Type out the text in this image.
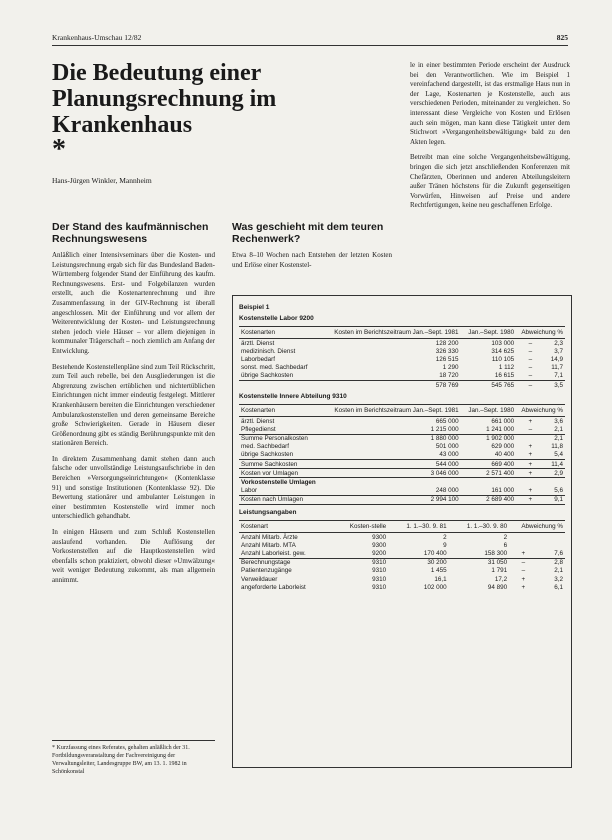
Krankenhaus-Umschau 12/82	825
Die Bedeutung einer Planungsrechnung im Krankenhaus
*
Hans-Jürgen Winkler, Mannheim
Der Stand des kaufmännischen Rechnungswesens

Anläßlich einer Intensivseminars über die Kosten- und Leistungsrechnung ergab sich für das Bundesland Baden-Württemberg folgender Stand der Einführung des kaufm. Rechnungswesens. Erst- und Folgebilanzen wurden erstellt, auch die Kostenartenrechnung und ihre Zusammenfassung in der GIV-Rechnung ist überall angeschlossen. Mit der Einführung und vor allem der Weiterentwicklung der Kosten- und Leistungsrechnung stehen jedoch viele Häuser – vor allem diejenigen in kommunaler Trägerschaft – noch ziemlich am Anfang der Entwicklung.

Bestehende Kostenstellenpläne sind zum Teil Rückschritt, zum Teil auch rebelle, bei den Ausgliederungen ist die Abgrenzung zwischen ertüblichen und nichtertüblichen Einrichtungen nicht immer eindeutig festgelegt. Mittlerer Krankenhäusern bereiten die Einrichtungen verschiedener Ambulanzkostenstellen und deren gemeinsame Bereiche große Schwierigkeiten. Gerade in Häusern dieser Größenordnung gibt es ständig Berührungspunkte mit den stationären Bereich.

In direktem Zusammenhang damit stehen dann auch falsche oder unvollständige Leistungsaufschriebe in den Bereichen »Versorgungseinrichtungen« (Kontenklasse 91) und sonstige Institutionen (Kontenklasse 92). Die Bewertung stationärer und ambulanter Leistungen in einer bestimmten Kostenstelle wird immer noch unterschiedlich gehandhabt.

In einigen Häusern und zum Schluß Kostenstellen auslaufend vorhanden. Die Auflösung der Vorkostenstellen auf die Hauptkostenstellen wird ebenfalls schon praktiziert, obwohl dieser »Umwälzung« weit weniger Bedeutung zukommt, als man allgemein annimmt.

* Kurzfassung eines Referates, gehalten anläßlich der 31. Fortbildungsveranstaltung der Fachvereinigung der Verwaltungsleiter, Landesgruppe BW, am 13. 1. 1982 in Schönkonstal
Was geschieht mit dem teuren Rechenwerk?

Etwa 8–10 Wochen nach Entstehen der letzten Kosten und Erlöse einer Kostenstel-

le in einer bestimmten Periode erscheint der Ausdruck bei den Verantwortlichen. Wie im Beispiel 1 vereinfachend dargestellt, ist das erstmalige Haus nun in der Lage, Kostenarten je Kostenstelle, auch aus verschiedenen Perioden, miteinander zu vergleichen. So interessant diese Vergleiche von Kosten und Erlösen auch sein mögen, man kann diese Tätigkeit unter dem Stichwort »Vergangenheitsbewältigung« bald zu den Akten legen.

Betreibt man eine solche Vergangenheitsbewältigung, bringen die sich jetzt anschließenden Konferenzen mit Chefärzten, Oberinnen und anderen Abteilungsleitern außer Tränen höchstens für die Zukunft gegenseitigen Vorwürfen, Hinweisen auf Preise und andere Rechtfertigungen, keine neu geschaffenen Erfolge.

Beispiel 1
Kostenstelle Labor 9200
Kostenarten	Kosten im Berichtszeitraum Jan.–Sept. 1981	Jan.–Sept. 1980	Abweichung %	
ärztl. Dienst	128 200	103 000	–	2,3
medizinisch. Dienst	326 330	314 625	–	3,7
Laborbedarf	126 515	110 105	–	14,9
sonst. med. Sachbedarf	1 290	1 112	–	11,7
übrige Sachkosten	18 720	16 615	–	7,1
	578 769	545 765	–	3,5
Kostenstelle Innere Abteilung 9310
Kostenarten	Kosten im Berichtszeitraum Jan.–Sept. 1981	Jan.–Sept. 1980	Abweichung %	
ärztl. Dienst	665 000	661 000	+	3,6
Pflegedienst	1 215 000	1 241 000	–	2,1
Summe Personalkosten	1 880 000	1 902 000		2,1
med. Sachbedarf	501 000	629 000	+	11,8
übrige Sachkosten	43 000	40 400	+	5,4
Summe Sachkosten	544 000	669 400	+	11,4
Kosten vor Umlagen	3 046 000	2 571 400	+	2,9
Vorkostenstelle Umlagen				
Labor	248 000	161 000	+	5,6
Kosten nach Umlagen	2 994 100	2 689 400	+	9,1
Leistungsangaben
Kostenart	Kosten-stelle	1. 1.–30. 9. 81	1. 1.–30. 9. 80	Abweichung %	
Anzahl Mitarb. Ärzte	9300	2	2		
Anzahl Mitarb. MTA	9300	9	6		
Anzahl Laborleist. gew.	9200	170 400	158 300	+	7,6
Berechnungstage	9310	30 200	31 050	–	2,8
Patientenzugänge	9310	1 455	1 791	–	2,1
Verweildauer	9310	16,1	17,2	+	3,2
angeforderte Laborleist	9310	102 000	94 890	+	6,1
